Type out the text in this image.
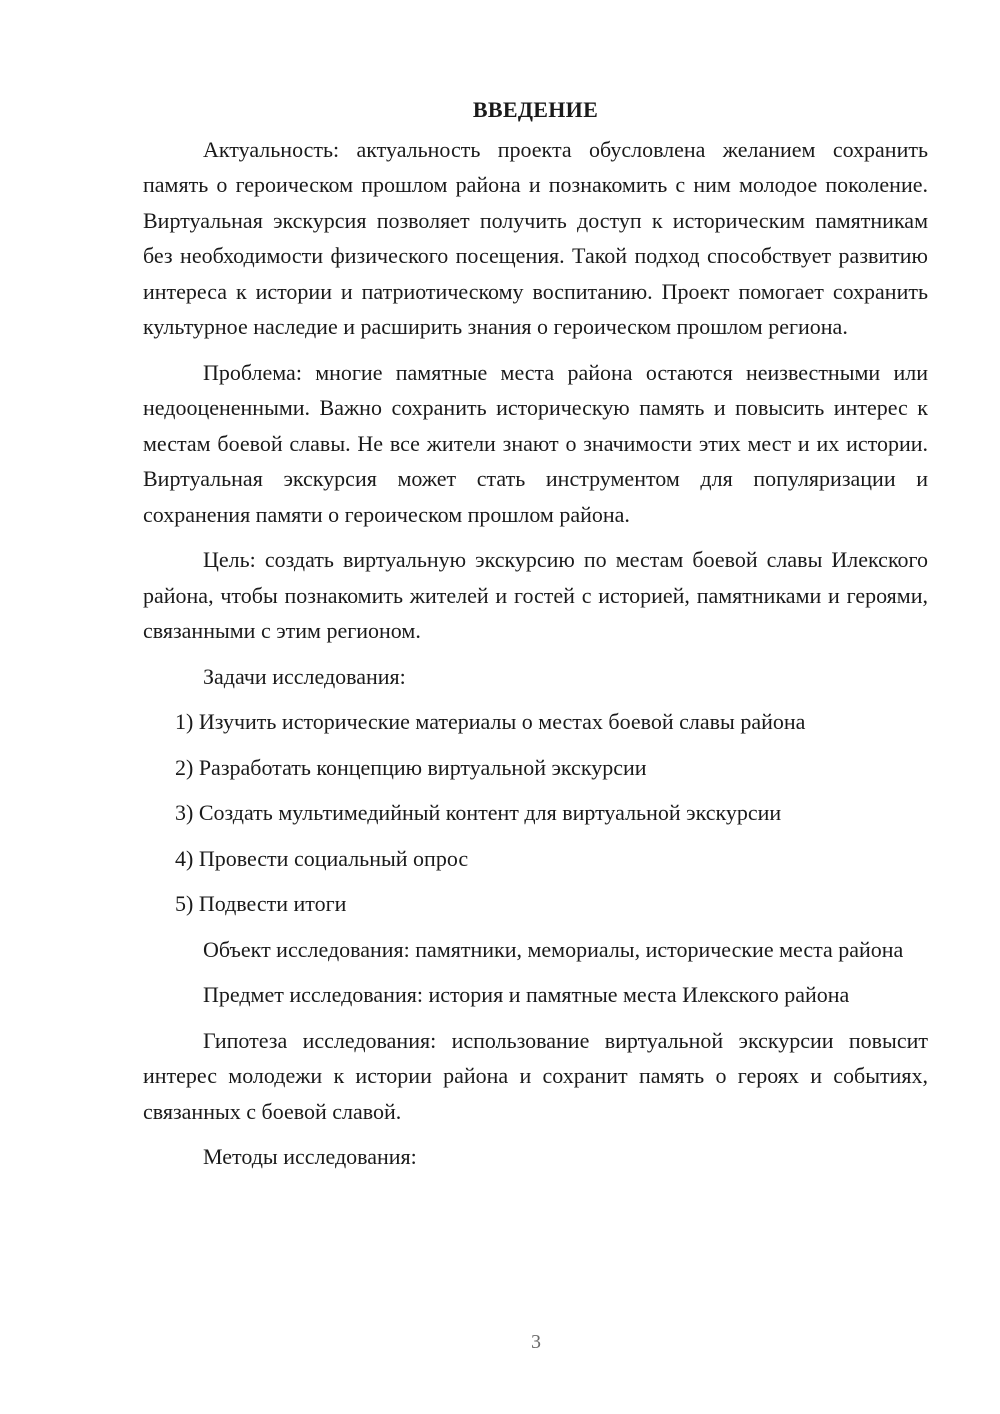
ВВЕДЕНИЕ

Актуальность: актуальность проекта обусловлена желанием сохранить память о героическом прошлом района и познакомить с ним молодое поколение. Виртуальная экскурсия позволяет получить доступ к историческим памятникам без необходимости физического посещения. Такой подход способствует развитию интереса к истории и патриотическому воспитанию. Проект помогает сохранить культурное наследие и расширить знания о героическом прошлом региона.

Проблема: многие памятные места района остаются неизвестными или недооцененными. Важно сохранить историческую память и повысить интерес к местам боевой славы. Не все жители знают о значимости этих мест и их истории. Виртуальная экскурсия может стать инструментом для популяризации и сохранения памяти о героическом прошлом района.

Цель: создать виртуальную экскурсию по местам боевой славы Илекского района, чтобы познакомить жителей и гостей с историей, памятниками и героями, связанными с этим регионом.

Задачи исследования:

1) Изучить исторические материалы о местах боевой славы района
2) Разработать концепцию виртуальной экскурсии
3) Создать мультимедийный контент для виртуальной экскурсии
4) Провести социальный опрос
5) Подвести итоги

Объект исследования: памятники, мемориалы, исторические места района

Предмет исследования: история и памятные места Илекского района

Гипотеза исследования: использование виртуальной экскурсии повысит интерес молодежи к истории района и сохранит память о героях и событиях, связанных с боевой славой.

Методы исследования:

3
